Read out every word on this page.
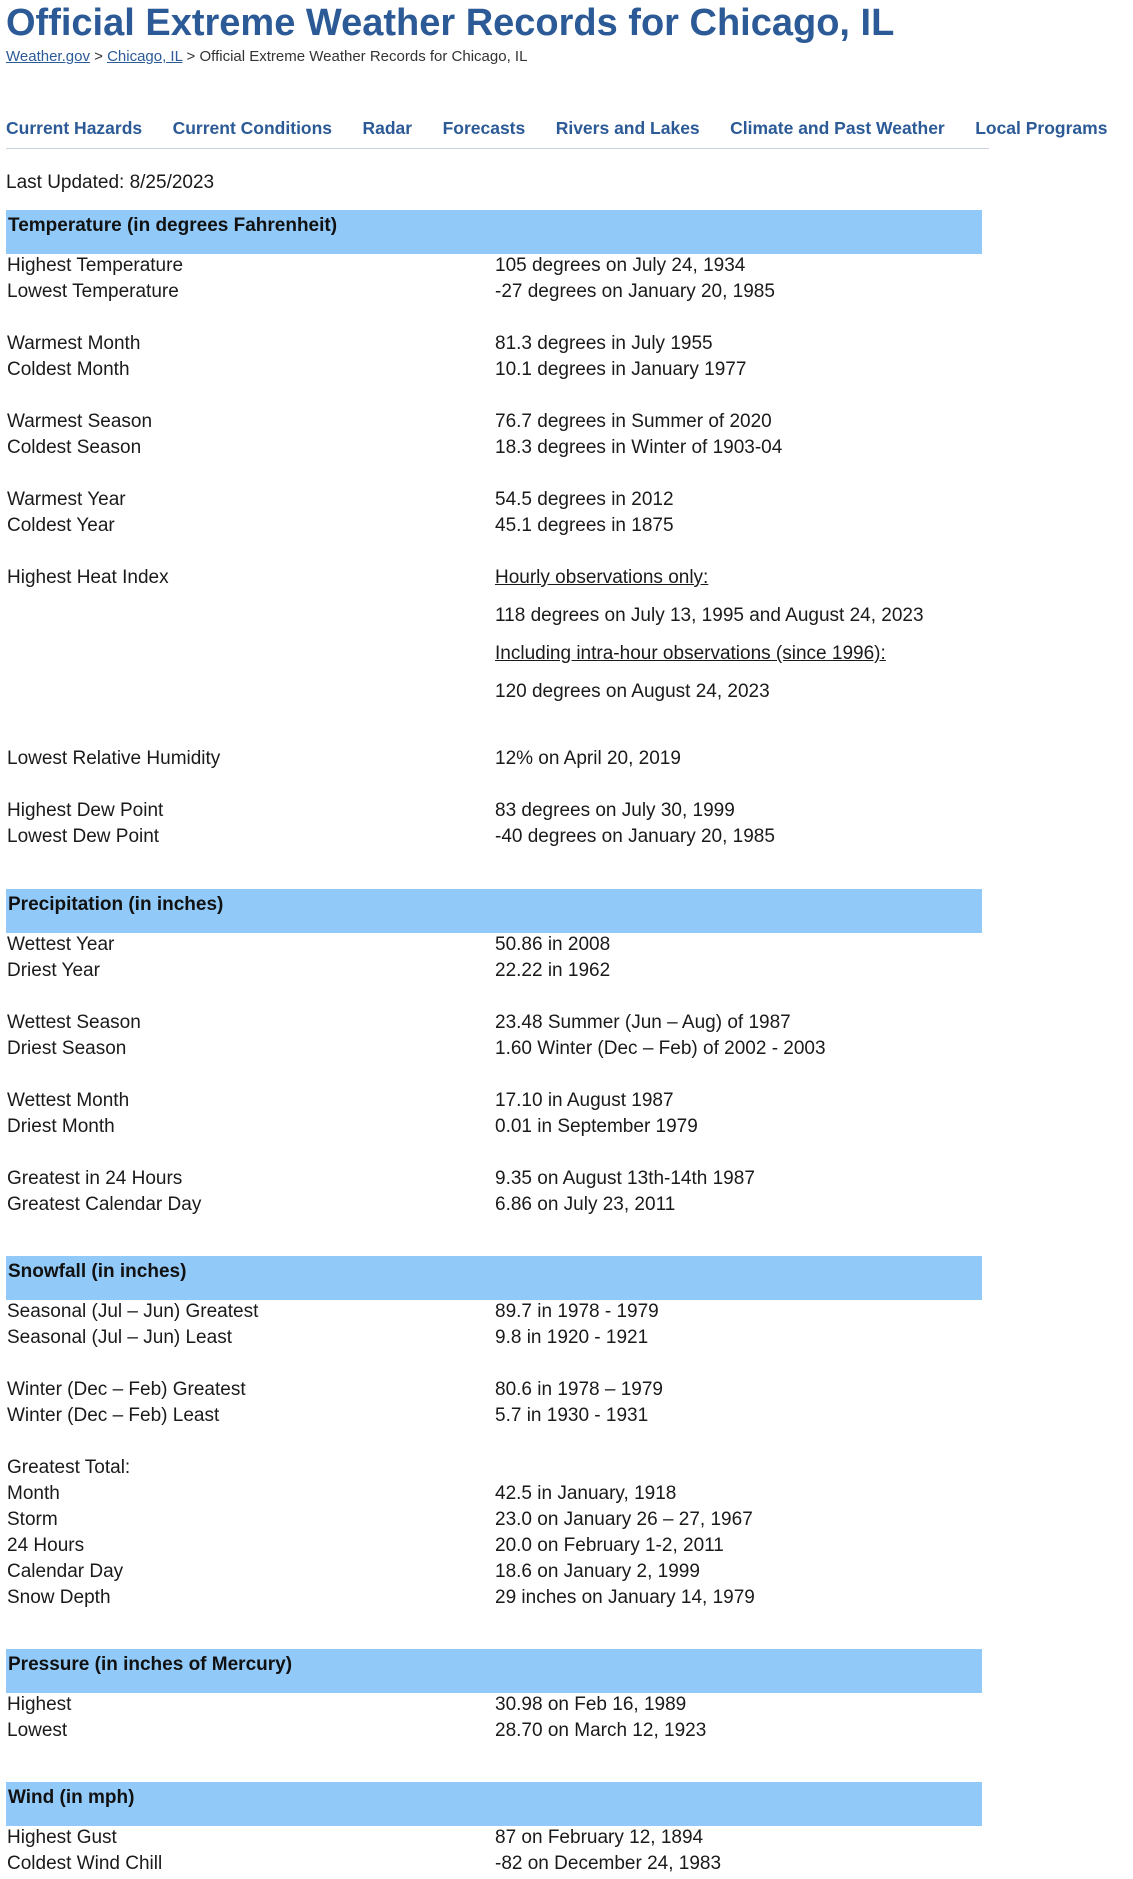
Official Extreme Weather Records for Chicago, IL
Weather.gov > Chicago, IL > Official Extreme Weather Records for Chicago, IL
Current Hazards Current Conditions Radar Forecasts Rivers and Lakes Climate and Past Weather Local Programs
Last Updated: 8/25/2023
Temperature (in degrees Fahrenheit)
Highest Temperature	105 degrees on July 24, 1934
Lowest Temperature	-27 degrees on January 20, 1985
Warmest Month	81.3 degrees in July 1955
Coldest Month	10.1 degrees in January 1977
Warmest Season	76.7 degrees in Summer of 2020
Coldest Season	18.3 degrees in Winter of 1903-04
Warmest Year	54.5 degrees in 2012
Coldest Year	45.1 degrees in 1875
Highest Heat Index	Hourly observations only:
118 degrees on July 13, 1995 and August 24, 2023
Including intra-hour observations (since 1996):
120 degrees on August 24, 2023
Lowest Relative Humidity	12% on April 20, 2019
Highest Dew Point	83 degrees on July 30, 1999
Lowest Dew Point	-40 degrees on January 20, 1985
Precipitation (in inches)
Wettest Year	50.86 in 2008
Driest Year	22.22 in 1962
Wettest Season	23.48 Summer (Jun – Aug) of 1987
Driest Season	1.60 Winter (Dec – Feb) of 2002 - 2003
Wettest Month	17.10 in August 1987
Driest Month	0.01 in September 1979
Greatest in 24 Hours	9.35 on August 13th-14th 1987
Greatest Calendar Day	6.86 on July 23, 2011
Snowfall (in inches)
Seasonal (Jul – Jun) Greatest	89.7 in 1978 - 1979
Seasonal (Jul – Jun) Least	9.8 in 1920 - 1921
Winter (Dec – Feb) Greatest	80.6 in 1978 – 1979
Winter (Dec – Feb) Least	5.7 in 1930 - 1931
Greatest Total:
Month	42.5 in January, 1918
Storm	23.0 on January 26 – 27, 1967
24 Hours	20.0 on February 1-2, 2011
Calendar Day	18.6 on January 2, 1999
Snow Depth	29 inches on January 14, 1979
Pressure (in inches of Mercury)
Highest	30.98 on Feb 16, 1989
Lowest	28.70 on March 12, 1923
Wind (in mph)
Highest Gust	87 on February 12, 1894
Coldest Wind Chill	-82 on December 24, 1983
